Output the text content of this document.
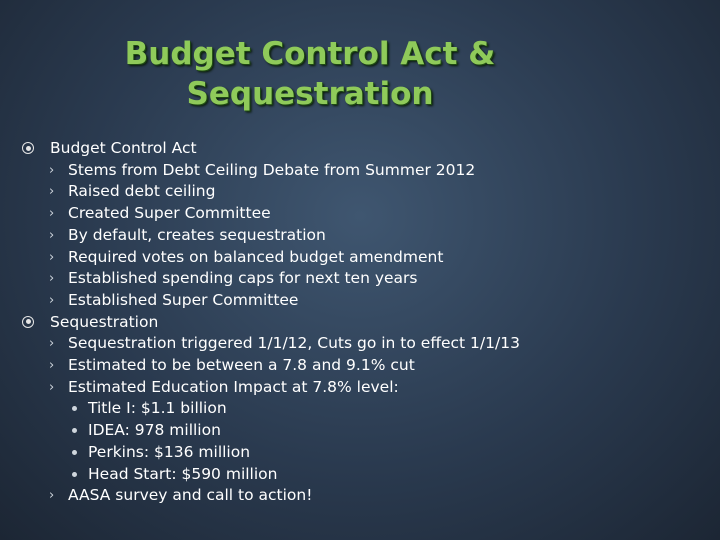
Budget Control Act &
Sequestration
Budget Control Act
› Stems from Debt Ceiling Debate from Summer 2012
› Raised debt ceiling
› Created Super Committee
› By default, creates sequestration
› Required votes on balanced budget amendment
› Established spending caps for next ten years
› Established Super Committee
Sequestration
› Sequestration triggered 1/1/12, Cuts go in to effect 1/1/13
› Estimated to be between a 7.8 and 9.1% cut
› Estimated Education Impact at 7.8% level:
Title I: $1.1 billion
IDEA: 978 million
Perkins: $136 million
Head Start: $590 million
› AASA survey and call to action!
